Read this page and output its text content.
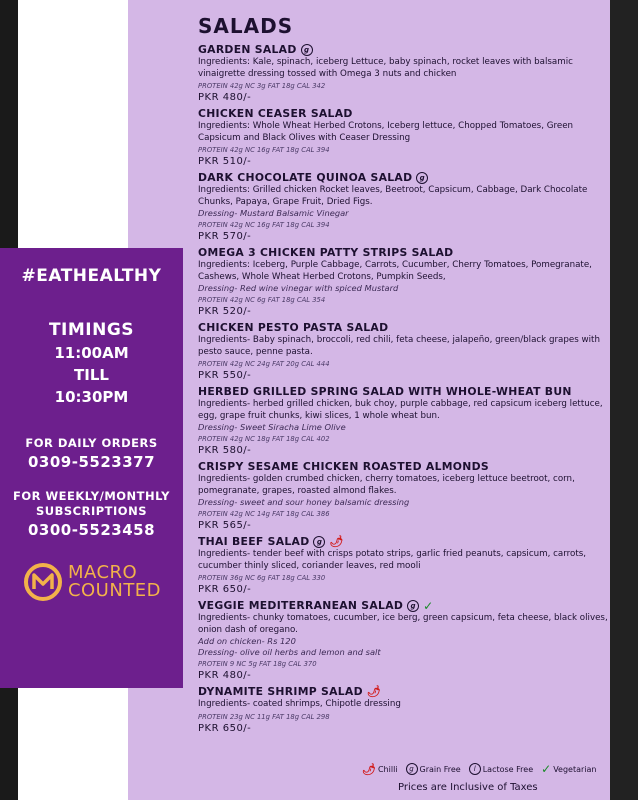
#EATHEALTHY
TIMINGS
11:00AM
TILL
10:30PM
FOR DAILY ORDERS
0309-5523377
FOR WEEKLY/MONTHLY
SUBSCRIPTIONS
0300-5523458
MACRO
COUNTED
SALADS
GARDEN SALAD	g
Ingredients: Kale, spinach, iceberg Lettuce, baby spinach, rocket leaves with balsamic vinaigrette dressing tossed with Omega 3 nuts and chicken
PROTEIN 42g NC 3g FAT 18g CAL 342
PKR 480/-
CHICKEN CEASER SALAD
Ingredients: Whole Wheat Herbed Crotons, Iceberg lettuce, Chopped Tomatoes, Green Capsicum and Black Olives with Ceaser Dressing
PROTEIN 42g NC 16g FAT 18g CAL 394
PKR 510/-
DARK CHOCOLATE QUINOA SALAD	g
Ingredients: Grilled chicken Rocket leaves, Beetroot, Capsicum, Cabbage, Dark Chocolate Chunks, Papaya, Grape Fruit, Dried Figs.
Dressing- Mustard Balsamic Vinegar
PROTEIN 42g NC 16g FAT 18g CAL 394
PKR 570/-
OMEGA 3 CHICKEN PATTY STRIPS SALAD
Ingredients: Iceberg, Purple Cabbage, Carrots, Cucumber, Cherry Tomatoes, Pomegranate, Cashews, Whole Wheat Herbed Crotons, Pumpkin Seeds,
Dressing- Red wine vinegar with spiced Mustard
PROTEIN 42g NC 6g FAT 18g CAL 354
PKR 520/-
CHICKEN PESTO PASTA SALAD
Ingredients- Baby spinach, broccoli, red chili, feta cheese, jalapeño, green/black grapes with pesto sauce, penne pasta.
PROTEIN 42g NC 24g FAT 20g CAL 444
PKR 550/-
HERBED GRILLED SPRING SALAD WITH WHOLE-WHEAT BUN
Ingredients- herbed grilled chicken, buk choy, purple cabbage, red capsicum iceberg lettuce, egg, grape fruit chunks, kiwi slices, 1 whole wheat bun.
Dressing- Sweet Siracha Lime Olive
PROTEIN 42g NC 18g FAT 18g CAL 402
PKR 580/-
CRISPY SESAME CHICKEN ROASTED ALMONDS
Ingredients- golden crumbed chicken, cherry tomatoes, iceberg lettuce beetroot, corn, pomegranate, grapes, roasted almond flakes.
Dressing- sweet and sour honey balsamic dressing
PROTEIN 42g NC 14g FAT 18g CAL 386
PKR 565/-
THAI BEEF SALAD	g 🌶
Ingredients- tender beef with crisps potato strips, garlic fried peanuts, capsicum, carrots, cucumber thinly sliced, coriander leaves, red mooli
PROTEIN 36g NC 6g FAT 18g CAL 330
PKR 650/-
VEGGIE MEDITERRANEAN SALAD	g ✓
Ingredients- chunky tomatoes, cucumber, ice berg, green capsicum, feta cheese, black olives, onion dash of oregano.
Add on chicken- Rs 120
Dressing- olive oil herbs and lemon and salt
PROTEIN 9 NC 5g FAT 18g CAL 370
PKR 480/-
DYNAMITE SHRIMP SALAD 🌶
Ingredients- coated shrimps, Chipotle dressing
PROTEIN 23g NC 11g FAT 18g CAL 298
PKR 650/-
🌶 Chilli	g Grain Free	l Lactose Free ✓ Vegetarian
Prices are Inclusive of Taxes
